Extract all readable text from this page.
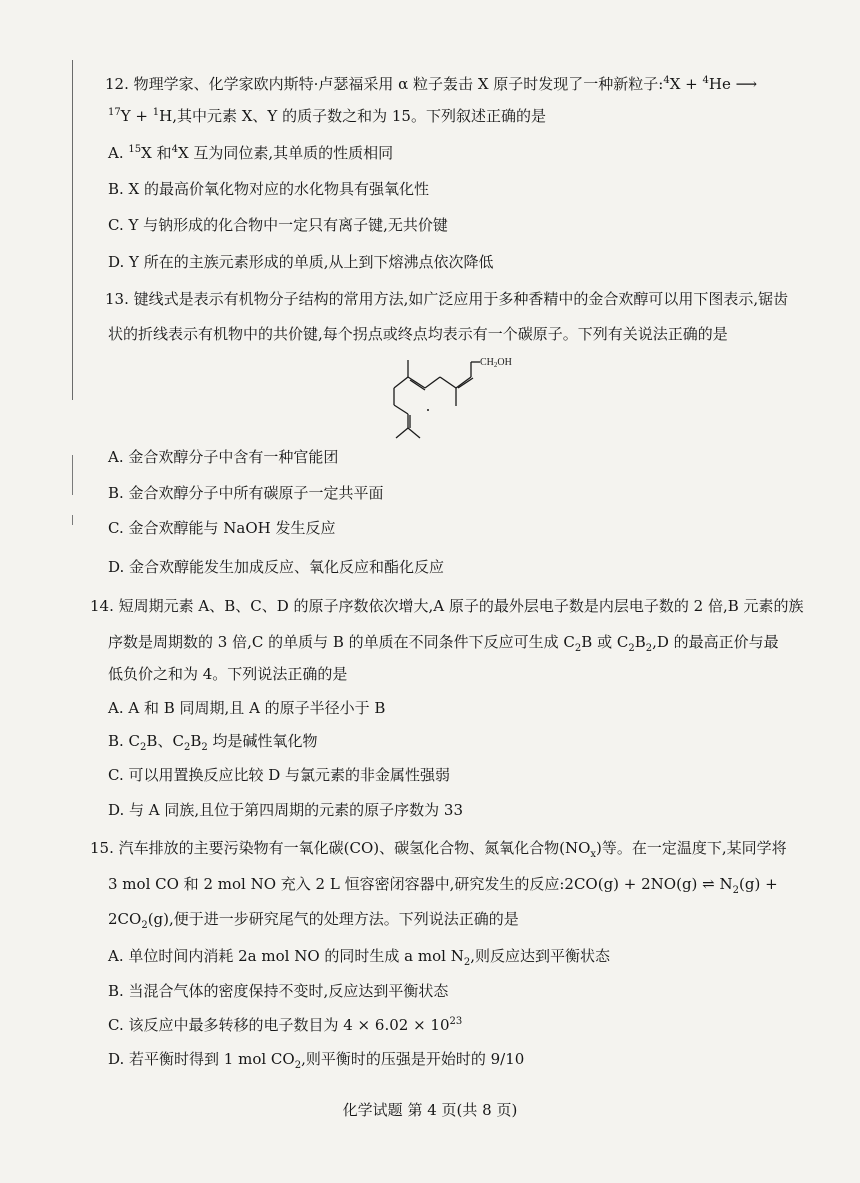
12. 物理学家、化学家欧内斯特·卢瑟福采用 α 粒子轰击 X 原子时发现了一种新粒子:$^4$X + $^4$He ⟶
$^{17}$Y + $^1$H,其中元素 X、Y 的质子数之和为 15。下列叙述正确的是
A. $^{15}$X 和$^4$X 互为同位素,其单质的性质相同
B. X 的最高价氧化物对应的水化物具有强氧化性
C. Y 与钠形成的化合物中一定只有离子键,无共价键
D. Y 所在的主族元素形成的单质,从上到下熔沸点依次降低
13. 键线式是表示有机物分子结构的常用方法,如广泛应用于多种香精中的金合欢醇可以用下图表示,锯齿
状的折线表示有机物中的共价键,每个拐点或终点均表示有一个碳原子。下列有关说法正确的是
$CH_2OH$
A. 金合欢醇分子中含有一种官能团
B. 金合欢醇分子中所有碳原子一定共平面
C. 金合欢醇能与 NaOH 发生反应
D. 金合欢醇能发生加成反应、氧化反应和酯化反应
14. 短周期元素 A、B、C、D 的原子序数依次增大,A 原子的最外层电子数是内层电子数的 2 倍,B 元素的族
序数是周期数的 3 倍,C 的单质与 B 的单质在不同条件下反应可生成 $C_2B$ 或 $C_2B_2,D$ 的最高正价与最
低负价之和为 4。下列说法正确的是
A. A 和 B 同周期,且 A 的原子半径小于 B
B. $C_2B$、$C_2B_2$ 均是碱性氧化物
C. 可以用置换反应比较 D 与氯元素的非金属性强弱
D. 与 A 同族,且位于第四周期的元素的原子序数为 33
15. 汽车排放的主要污染物有一氧化碳(CO)、碳氢化合物、氮氧化合物$(NO_x)$等。在一定温度下,某同学将
3 mol CO 和 2 mol NO 充入 2 L 恒容密闭容器中,研究发生的反应:2CO(g) + 2NO(g) ⇌ $N_2(g)$ +
$2CO_2(g)$,便于进一步研究尾气的处理方法。下列说法正确的是
A. 单位时间内消耗 2a mol NO 的同时生成 a mol $N_2$,则反应达到平衡状态
B. 当混合气体的密度保持不变时,反应达到平衡状态
C. 该反应中最多转移的电子数目为 $4 \times 6.02 \times 10^{23}$
D. 若平衡时得到 1 mol $CO_2$,则平衡时的压强是开始时的 9/10
化学试题 第 4 页(共 8 页)
